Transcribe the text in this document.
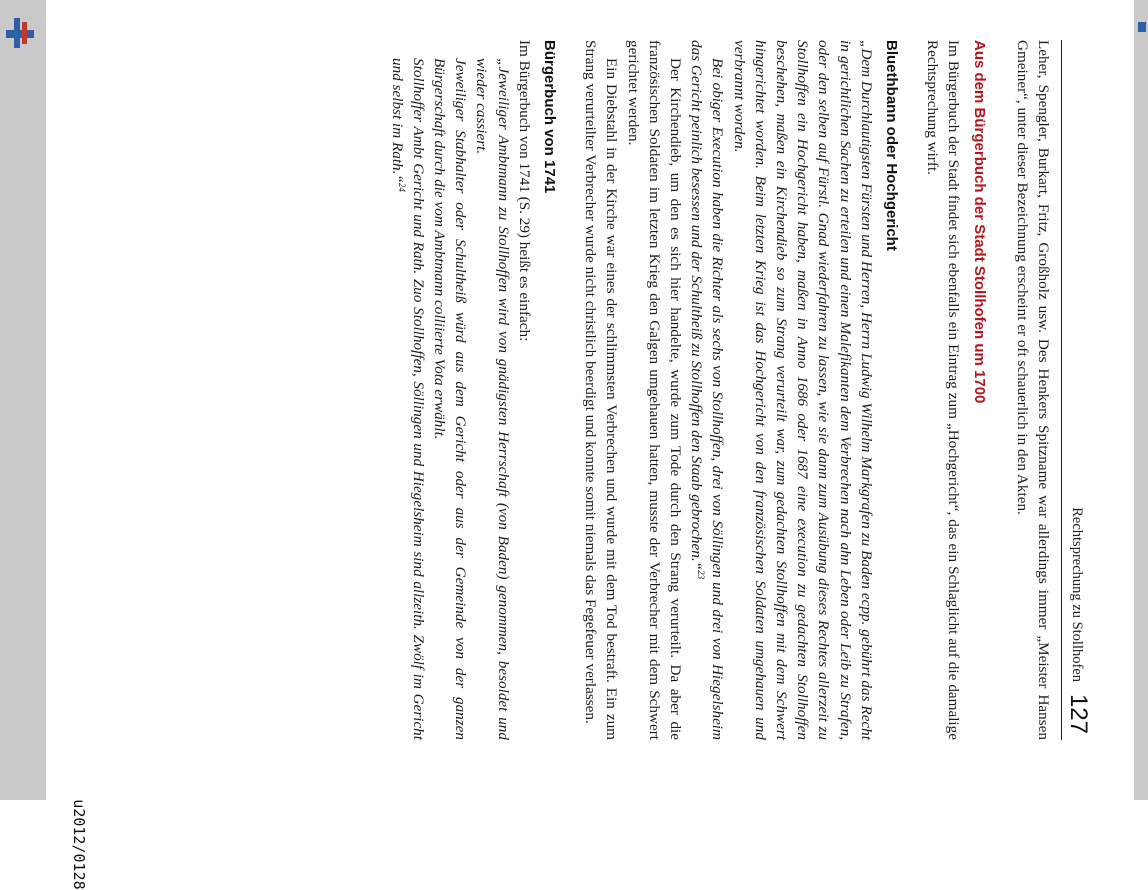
Rechtsprechung zu Stollhofen
127

Leher, Spengler, Burkart, Fritz, Großholz usw. Des Henkers Spitzname war allerdings immer „Meister Hansen Gmeiner“, unter dieser Bezeichnung erscheint er oft schauerlich in den Akten.

Aus dem Bürgerbuch der Stadt Stollhofen um 1700

Im Bürgerbuch der Stadt findet sich ebenfalls ein Eintrag zum „Hochgericht“, das ein Schlaglicht auf die damalige Rechtsprechung wirft.

Bluethbann oder Hochgericht

„Dem Durchlautigsten Fürsten und Herren, Herrn Ludwig Wilhelm Markgrafen zu Baden ecpp. gebührt das Recht in gerichtlichen Sachen zu erteilen und einen Malefikanten dem Verbrechen nach ahn Leben oder Leib zu Strafen, oder den selben auf Fürstl. Gnad wiederfahren zu lassen, wie sie dann zum Ausübung dieses Rechtes allerzeit zu Stollhoffen ein Hochgericht haben, maßen in Anno 1686 oder 1687 eine execution zu gedachten Stollhoffen beschehen, maßen ein Kirchendieb so zum Strang verurteilt war, zum gedachten Stollhoffen mit dem Schwert hingerichtet worden. Beim letzten Krieg ist das Hochgericht von den französischen Soldaten umgehauen und verbrannt worden.

Bei obiger Execution haben die Richter als sechs von Stollhoffen, drei von Söllingen und drei von Hiegelsheim das Gericht peinlich besessen und der Schultheiß zu Stollhoffen den Staab gebrochen.“$^{23}$

Der Kirchendieb, um den es sich hier handelte, wurde zum Tode durch den Strang verurteilt. Da aber die französischen Soldaten im letzten Krieg den Galgen umgehauen hatten, musste der Verbrecher mit dem Schwert gerichtet werden.

Ein Diebstahl in der Kirche war eines der schlimmsten Verbrechen und wurde mit dem Tod bestraft. Ein zum Strang verurteilter Verbrecher wurde nicht christlich beerdigt und konnte somit niemals das Fegefeuer verlassen.

Bürgerbuch von 1741

Im Bürgerbuch von 1741 (S. 29) heißt es einfach:

„Jeweiliger Ambtmann zu Stollhoffen wird von gnädigsten Herrschaft (von Baden) genommen, besoldet und wieder cassiert.

Jeweiliger Stabhalter oder Schultheiß würd aus dem Gericht oder aus der Gemeinde von der ganzen Bürgerschaft durch die vom Ambtmann colliierte Vota erwählt.

Stollhoffer Ambt Gericht und Rath. Zuo Stollhoffen, Söllingen und Hiegelsheim sind allzeith. Zwölf im Gericht und selbst im Rath.“$^{24}$
